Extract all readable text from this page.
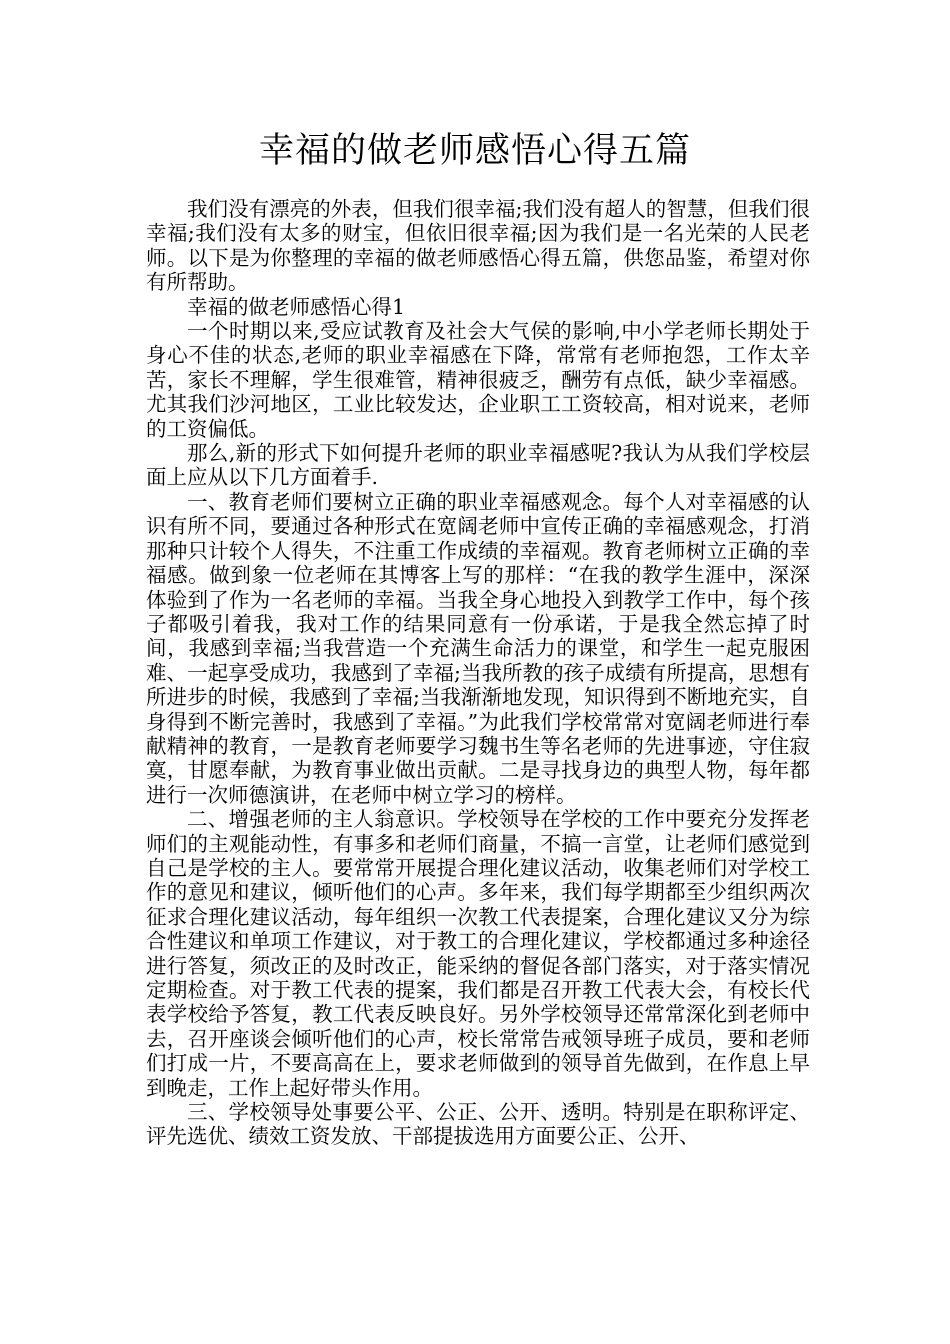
幸福的做老师感悟心得五篇

我们没有漂亮的外表，但我们很幸福;我们没有超人的智慧，但我们很幸福;我们没有太多的财宝，但依旧很幸福;因为我们是一名光荣的人民老师。以下是为你整理的幸福的做老师感悟心得五篇，供您品鉴，希望对你有所帮助。

幸福的做老师感悟心得1

一个时期以来,受应试教育及社会大气侯的影响,中小学老师长期处于身心不佳的状态,老师的职业幸福感在下降，常常有老师抱怨，工作太辛苦，家长不理解，学生很难管，精神很疲乏，酬劳有点低，缺少幸福感。尤其我们沙河地区，工业比较发达，企业职工工资较高，相对说来，老师的工资偏低。

那么,新的形式下如何提升老师的职业幸福感呢?我认为从我们学校层面上应从以下几方面着手.

一、教育老师们要树立正确的职业幸福感观念。每个人对幸福感的认识有所不同，要通过各种形式在宽阔老师中宣传正确的幸福感观念，打消那种只计较个人得失，不注重工作成绩的幸福观。教育老师树立正确的幸福感。做到象一位老师在其博客上写的那样：“在我的教学生涯中，深深体验到了作为一名老师的幸福。当我全身心地投入到教学工作中，每个孩子都吸引着我，我对工作的结果同意有一份承诺，于是我全然忘掉了时间，我感到幸福;当我营造一个充满生命活力的课堂，和学生一起克服困难、一起享受成功，我感到了幸福;当我所教的孩子成绩有所提高，思想有所进步的时候，我感到了幸福;当我渐渐地发现，知识得到不断地充实，自身得到不断完善时，我感到了幸福。”为此我们学校常常对宽阔老师进行奉献精神的教育，一是教育老师要学习魏书生等名老师的先进事迹，守住寂寞，甘愿奉献，为教育事业做出贡献。二是寻找身边的典型人物，每年都进行一次师德演讲，在老师中树立学习的榜样。

二、增强老师的主人翁意识。学校领导在学校的工作中要充分发挥老师们的主观能动性，有事多和老师们商量，不搞一言堂，让老师们感觉到自己是学校的主人。要常常开展提合理化建议活动，收集老师们对学校工作的意见和建议，倾听他们的心声。多年来，我们每学期都至少组织两次征求合理化建议活动，每年组织一次教工代表提案，合理化建议又分为综合性建议和单项工作建议，对于教工的合理化建议，学校都通过多种途径进行答复，须改正的及时改正，能采纳的督促各部门落实，对于落实情况定期检查。对于教工代表的提案，我们都是召开教工代表大会，有校长代表学校给予答复，教工代表反映良好。另外学校领导还常常深化到老师中去，召开座谈会倾听他们的心声，校长常常告戒领导班子成员，要和老师们打成一片，不要高高在上，要求老师做到的领导首先做到，在作息上早到晚走，工作上起好带头作用。

三、学校领导处事要公平、公正、公开、透明。特别是在职称评定、评先选优、绩效工资发放、干部提拔选用方面要公正、公开、
